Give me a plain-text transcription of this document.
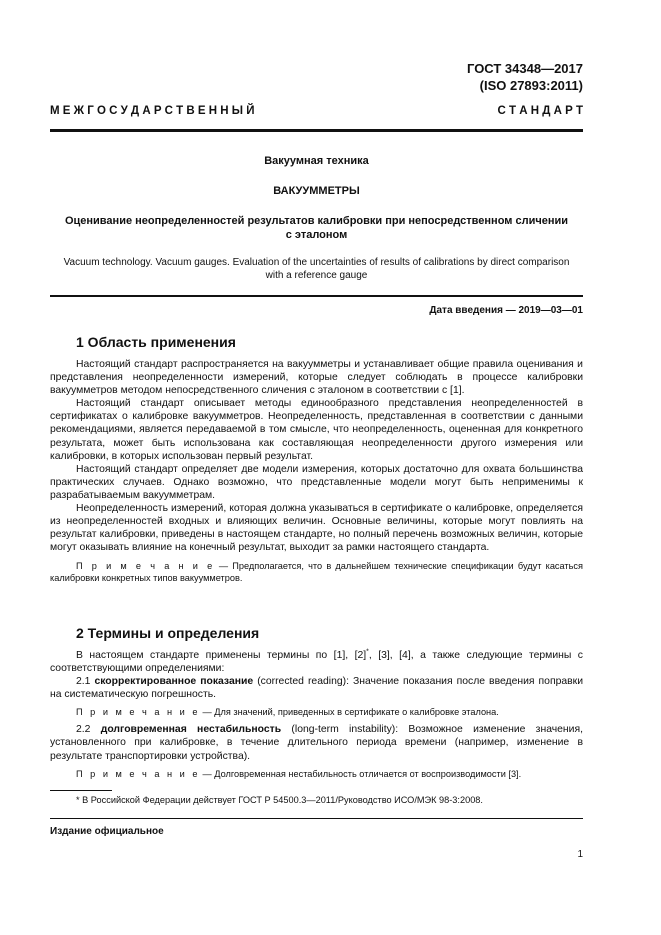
ГОСТ 34348—2017
(ISO 27893:2011)
М Е Ж Г О С У Д А Р С Т В Е Н Н Ы Й	С Т А Н Д А Р Т

Вакуумная техника

ВАКУУММЕТРЫ

Оценивание неопределенностей результатов калибровки при непосредственном сличении
с эталоном

Vacuum technology. Vacuum gauges. Evaluation of the uncertainties of results of calibrations by direct comparison
with a reference gauge

Дата введения — 2019—03—01

1 Область применения

Настоящий стандарт распространяется на вакуумметры и устанавливает общие правила оценивания и представления неопределенности измерений, которые следует соблюдать в процессе калибровки вакуумметров методом непосредственного сличения с эталоном в соответствии с [1].

Настоящий стандарт описывает методы единообразного представления неопределенностей в сертификатах о калибровке вакуумметров. Неопределенность, представленная в соответствии с данными рекомендациями, является передаваемой в том смысле, что неопределенность, оцененная для конкретного результата, может быть использована как составляющая неопределенности другого измерения или калибровки, в которых использован первый результат.

Настоящий стандарт определяет две модели измерения, которых достаточно для охвата большинства практических случаев. Однако возможно, что представленные модели могут быть неприменимы к разрабатываемым вакуумметрам.

Неопределенность измерений, которая должна указываться в сертификате о калибровке, определяется из неопределенностей входных и влияющих величин. Основные величины, которые могут повлиять на результат калибровки, приведены в настоящем стандарте, но полный перечень возможных величин, которые могут оказывать влияние на конечный результат, выходит за рамки настоящего стандарта.

П р и м е ч а н и е — Предполагается, что в дальнейшем технические спецификации будут касаться калибровки конкретных типов вакуумметров.

2 Термины и определения

В настоящем стандарте применены термины по [1], [2]*, [3], [4], а также следующие термины с соответствующими определениями:

2.1 скорректированное показание (corrected reading): Значение показания после введения поправки на систематическую погрешность.

П р и м е ч а н и е — Для значений, приведенных в сертификате о калибровке эталона.

2.2 долговременная нестабильность (long-term instability): Возможное изменение значения, установленного при калибровке, в течение длительного периода времени (например, изменение в результате транспортировки устройства).

П р и м е ч а н и е — Долговременная нестабильность отличается от воспроизводимости [3].

* В Российской Федерации действует ГОСТ Р 54500.3—2011/Руководство ИСО/МЭК 98-3:2008.
Издание официальное
1
